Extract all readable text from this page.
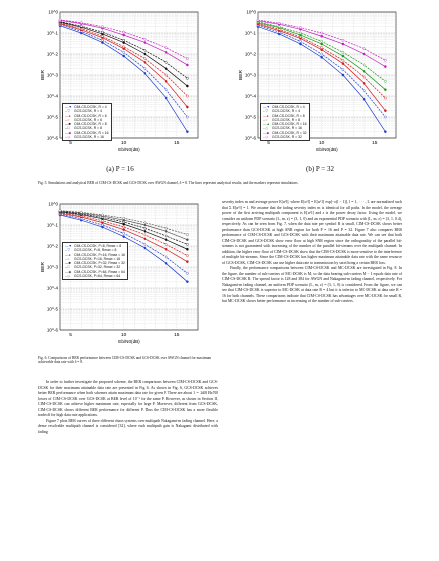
10^0
10^-1
10^-2
10^-3
10^-4
10^-5
10^-6
5	10	15
Eb/N0(dB)
BER
—▼ CIM-CS-DCSK, R = 4
--▽ GCS-DCSK, R = 4
—● CIM-CS-DCSK, R = 6
--○ GCS-DCSK, R = 6
—■ CIM-CS-DCSK, R = 8
--□ GCS-DCSK, R = 8
—◆ CIM-CS-DCSK, R = 16
--◇ GCS-DCSK, R = 16
(a) P = 16
10^0
10^-1
10^-2
10^-3
10^-4
10^-5
10^-6
5	10	15
Eb/N0(dB)
BER
—▼ CIM-CS-DCSK, R = 4
--▽ GCS-DCSK, R = 4
—● CIM-CS-DCSK, R = 8
--○ GCS-DCSK, R = 8
—▲ CIM-CS-DCSK, R = 16
--△ GCS-DCSK, R = 16
—◆ CIM-CS-DCSK, R = 32
--◇ GCS-DCSK, R = 32
(b) P = 32
Fig. 5. Simulations and analytical BER of CIM-CS-DCSK and GCS-DCSK over AWGN channel, δ = 8. The lines represent analytical results, and the markers represent simulations.
10^0
10^-1
10^-2
10^-3
10^-4
10^-5
10^-6
5	10	15
Eb/N0(dB)
BER
—▼ CIM-CS-DCSK, P=8, Rmax = 8
--▽ GCS-DCSK, P=8, Rmax = 8
—● CIM-CS-DCSK, P=16, Rmax = 16
--○ GCS-DCSK, P=16, Rmax = 16
—■ CIM-CS-DCSK, P=32, Rmax = 32
--□ GCS-DCSK, P=32, Rmax = 32
—◆ CIM-CS-DCSK, P=64, Rmax = 64
--◇ GCS-DCSK, P=64, Rmax = 64
Fig. 6. Comparisons of BER performance between CIM-CS-DCSK and GCS-DCSK over AWGN channel for maximum achievable data rate with δ = 8.

In order to further investigate the proposed scheme, the BER comparisons between CIM-CS-DCSK and GCS-DCSK for their maximum attainable data rate are presented in Fig. 6. As shown in Fig. 6, GCS-DCSK achieves better BER performance when both schemes attain maximum data rate for given P. There are about 1 ∼ 2dB Eb/N0 losses of CIM-CS-DCSK over GCS-DCSK at BER level of 10⁻⁵ for the same P. However, as shown in Section II, CIM-CS-DCSK can achieve higher maximum rate, especially for large P. Moreover, different from GCS-DCSK, CIM-CS-DCSK shows different BER performance for different P. Thus the CIM-CS-DCSK has a more flexible tradeoff for high data rate applications.

Figure 7 plots BER curves of three different chaos systems over multipath Nakagami-m fading channel. Here, a dense resolvable multipath channel is considered [32], where each multipath gain is Nakagami distributed with fading

severity index m and average power E[α²l], where E[α²l] = E[α²1] exp[−ε(l − 1)], l = 1, · · · , L are normalized such that Σ E[α²l] = 1. We assume that the fading severity index m is identical for all paths. In the model, the average power of the first arriving multipath component is E[α²1] and ε is the power decay factor. Using the model, we consider an uniform PDP scenario (L, m, ε) = (3, 1, 0) and an exponential PDP scenario with (L, m, ε) = (3, 1, 0.4), respectively. As can be seen from Fig. 7, when the data rate per symbol R is small, CIM-CS-DCSK shows better performance than GCS-DCSK at high SNR region for both P = 16 and P = 32. Figure 7 also compares BER performance of CIM-CS-DCSK and GCS-DCSK with their maximum attainable data rate. We can see that both CIM-CS-DCSK and GCS-DCSK show error floor at high SNR region since the orthogonality of the parallel bit-streams is not guaranteed with increasing of the number of the parallel bit-streams over the multipath channel. In addition, the higher error floor of CIM-CS-DCSK show that the CIM-CS-DCSK is more sensitive to the interference of multiple bit-streams. Since the CIM-CS-DCSK has higher maximum attainable data rate with the same resource of GCS-DCSK, CIM-CS-DCSK can use higher data rate to transmission by sacrificing a certain BER loss.

Finally, the performance comparisons between CIM-CS-DCSK and MC-DCSK are investigated in Fig. 8. In the figure, the number of sub-carriers of MC-DCSK is M, so the data bearing sub-carriers M − 1 equals data rate of CIM-CS-DCSK R. The spread factor is 128 and 384 for AWGN and Nakagami-m fading channel, respectively. For Nakagami-m fading channel, an uniform PDP scenario (L, m, ε) = (3, 1, 0) is considered. From the figure, we can see that CIM-CS-DCSK is superior to MC-DCSK at data rate R = 4 but it is inferior to MC-DCSK at data rate R = 16 for both channels. These comparisons indicate that CIM-CS-DCSK has advantages over MC-DCSK for small R, but MC-DCSK shows better performance as increasing of the number of sub-carriers.
